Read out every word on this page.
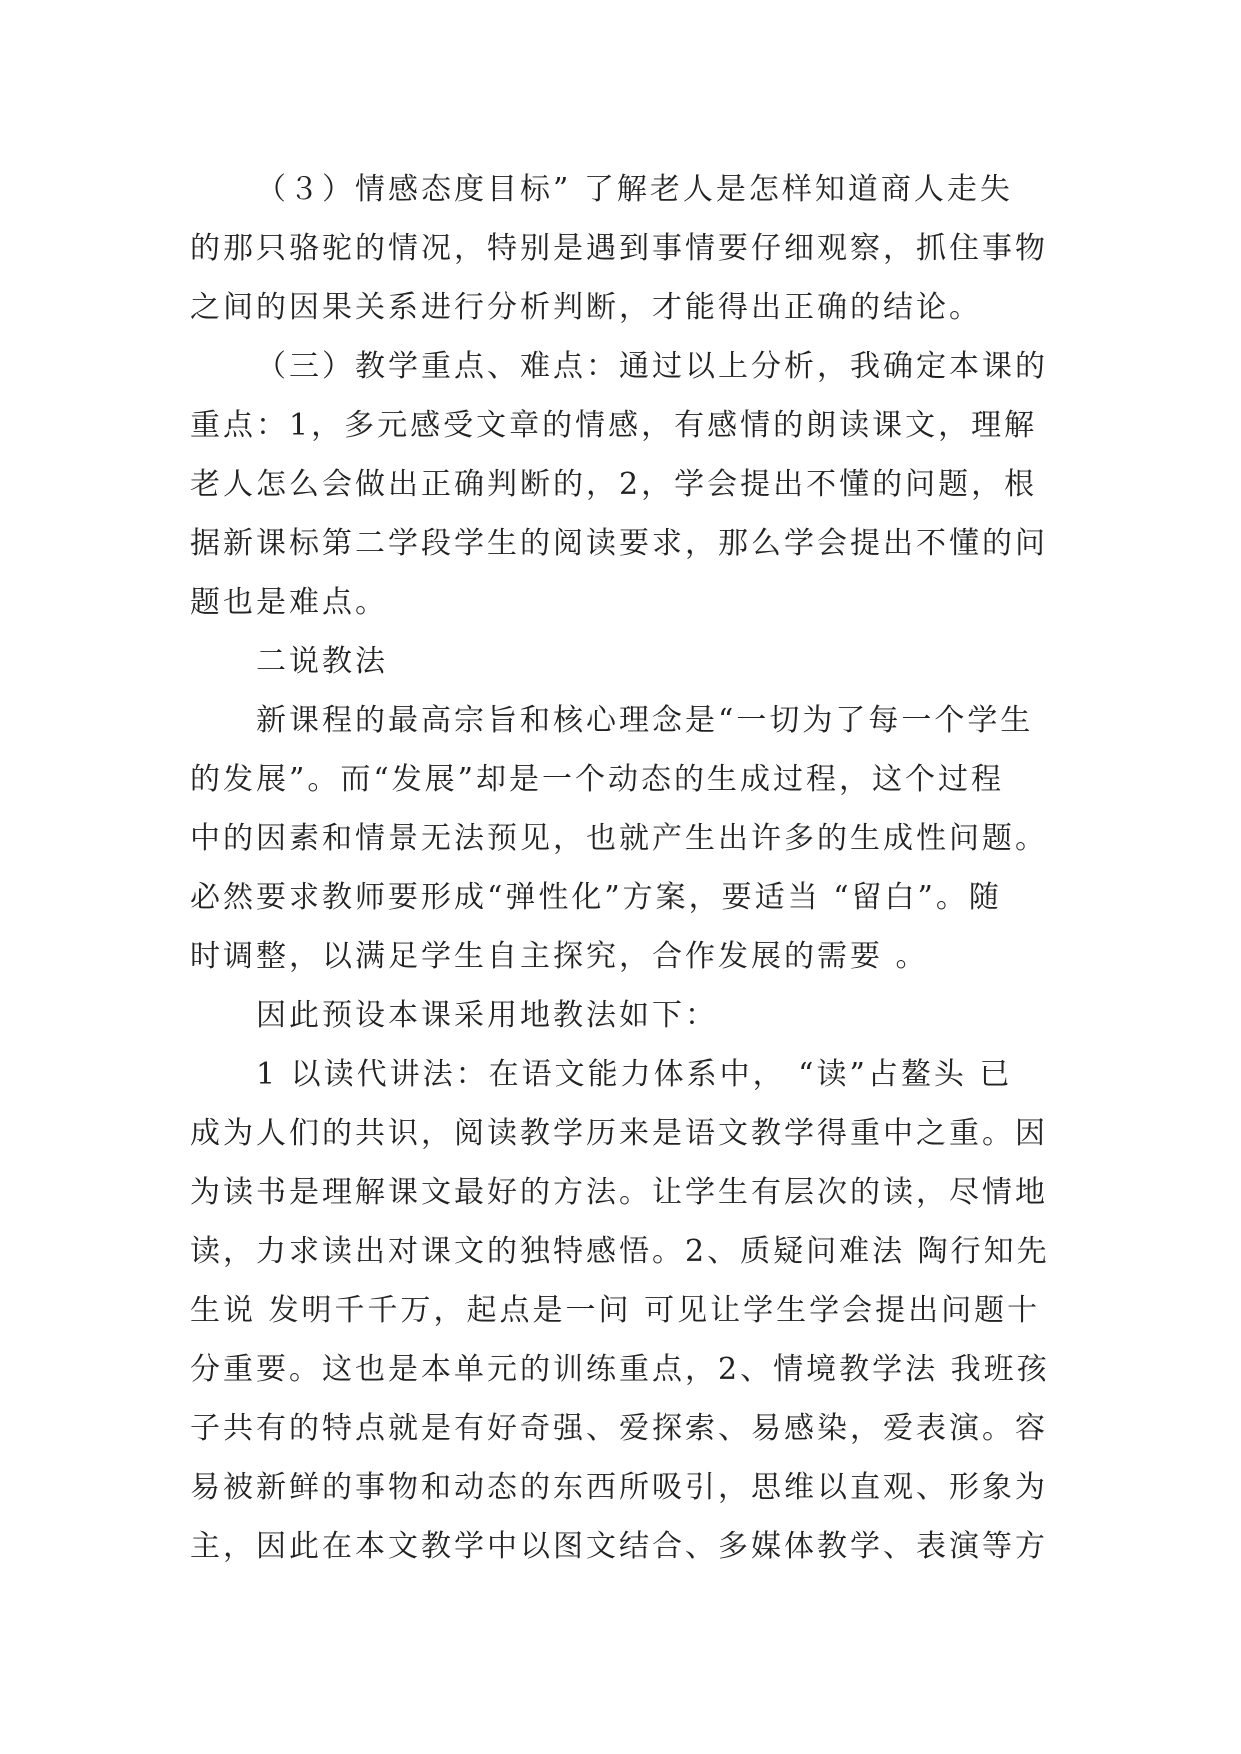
（３）情感态度目标” 了解老人是怎样知道商人走失
的那只骆驼的情况，特别是遇到事情要仔细观察，抓住事物
之间的因果关系进行分析判断，才能得出正确的结论。
（三）教学重点、难点：通过以上分析，我确定本课的
重点：1，多元感受文章的情感，有感情的朗读课文，理解
老人怎么会做出正确判断的，2，学会提出不懂的问题，根
据新课标第二学段学生的阅读要求，那么学会提出不懂的问
题也是难点。
二说教法
新课程的最高宗旨和核心理念是“一切为了每一个学生
的发展”。而“发展”却是一个动态的生成过程，这个过程
中的因素和情景无法预见，也就产生出许多的生成性问题。
必然要求教师要形成“弹性化”方案，要适当 “留白”。随
时调整，以满足学生自主探究，合作发展的需要 。
因此预设本课采用地教法如下：
1 以读代讲法：在语文能力体系中， “读”占鳌头 已
成为人们的共识，阅读教学历来是语文教学得重中之重。因
为读书是理解课文最好的方法。让学生有层次的读，尽情地
读，力求读出对课文的独特感悟。2、质疑问难法 陶行知先
生说 发明千千万，起点是一问 可见让学生学会提出问题十
分重要。这也是本单元的训练重点，2、情境教学法 我班孩
子共有的特点就是有好奇强、爱探索、易感染，爱表演。容
易被新鲜的事物和动态的东西所吸引，思维以直观、形象为
主，因此在本文教学中以图文结合、多媒体教学、表演等方
